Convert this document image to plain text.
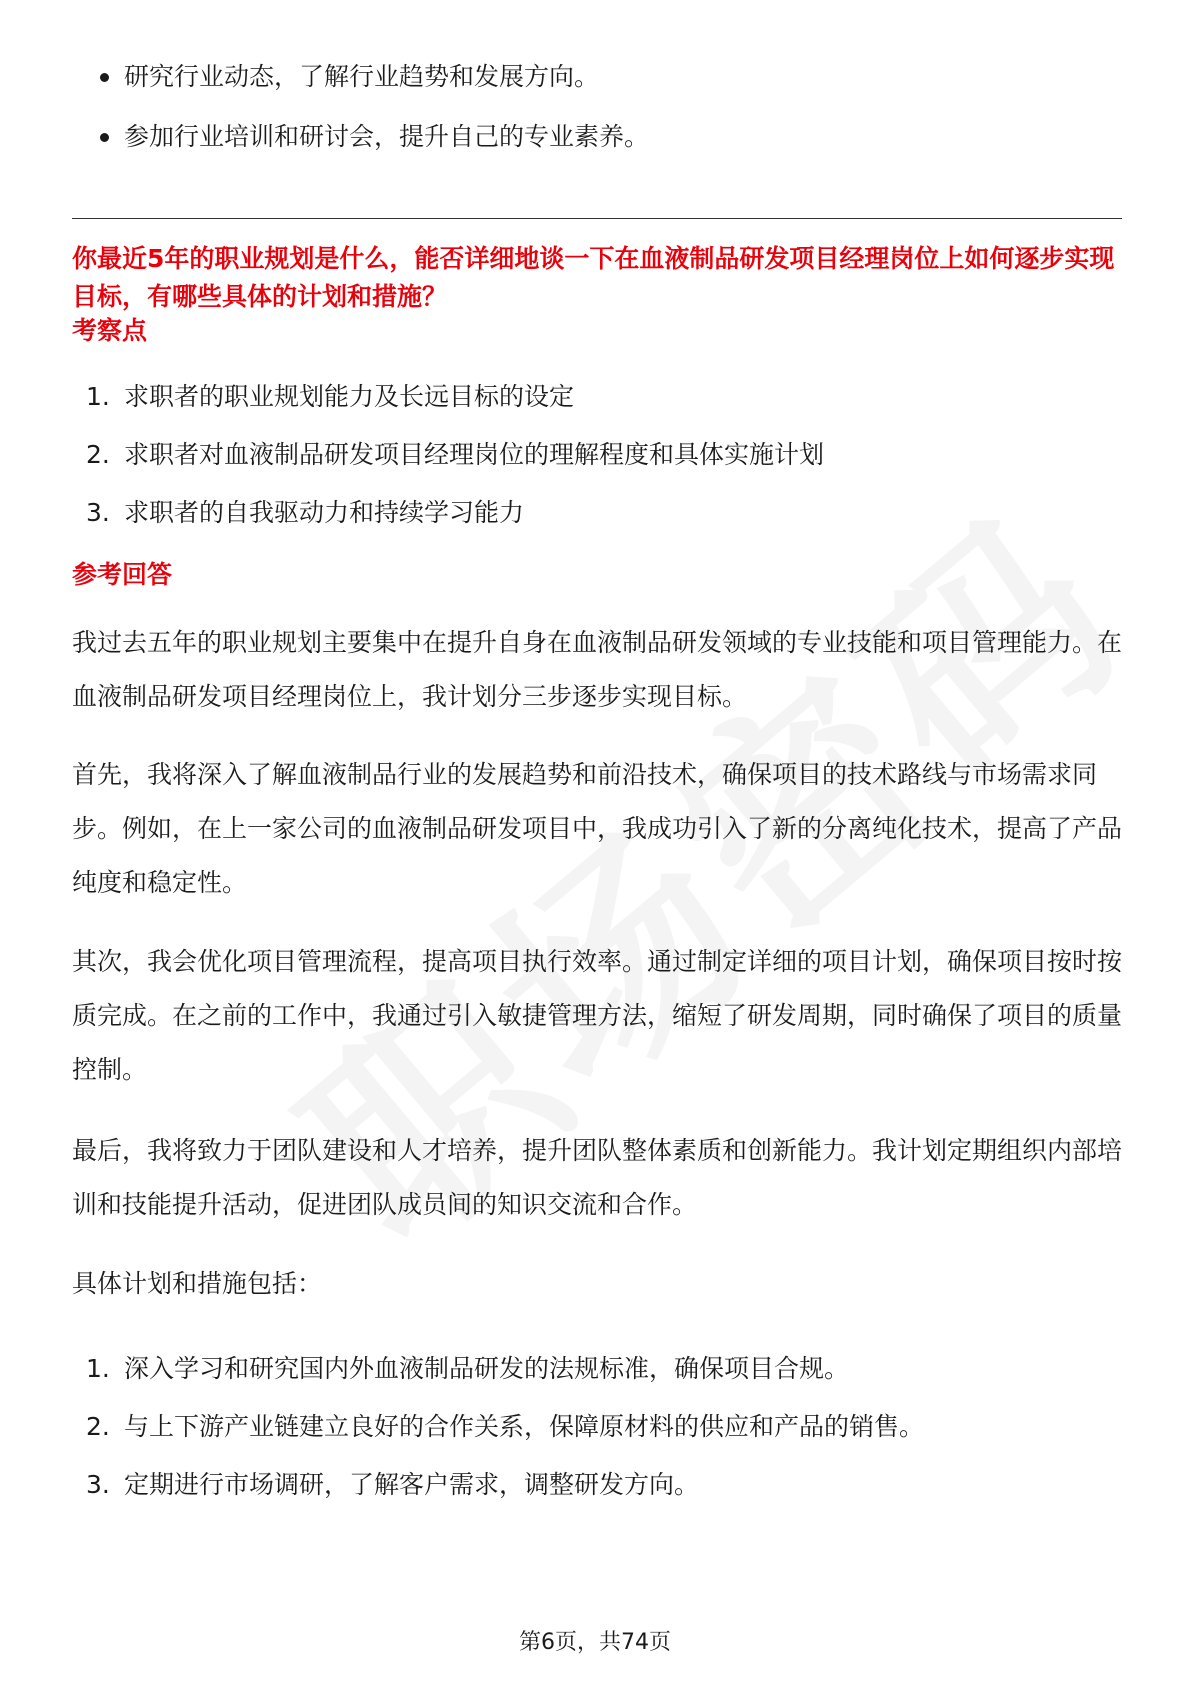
研究行业动态，了解行业趋势和发展方向。
参加行业培训和研讨会，提升自己的专业素养。

你最近5年的职业规划是什么，能否详细地谈一下在血液制品研发项目经理岗位上如何逐步实现目标，有哪些具体的计划和措施？

考察点

1. 求职者的职业规划能力及长远目标的设定
2. 求职者对血液制品研发项目经理岗位的理解程度和具体实施计划
3. 求职者的自我驱动力和持续学习能力

参考回答

我过去五年的职业规划主要集中在提升自身在血液制品研发领域的专业技能和项目管理能力。在血液制品研发项目经理岗位上，我计划分三步逐步实现目标。

首先，我将深入了解血液制品行业的发展趋势和前沿技术，确保项目的技术路线与市场需求同步。例如，在上一家公司的血液制品研发项目中，我成功引入了新的分离纯化技术，提高了产品纯度和稳定性。

其次，我会优化项目管理流程，提高项目执行效率。通过制定详细的项目计划，确保项目按时按质完成。在之前的工作中，我通过引入敏捷管理方法，缩短了研发周期，同时确保了项目的质量控制。

最后，我将致力于团队建设和人才培养，提升团队整体素质和创新能力。我计划定期组织内部培训和技能提升活动，促进团队成员间的知识交流和合作。

具体计划和措施包括：

1. 深入学习和研究国内外血液制品研发的法规标准，确保项目合规。
2. 与上下游产业链建立良好的合作关系，保障原材料的供应和产品的销售。
3. 定期进行市场调研，了解客户需求，调整研发方向。
第6页，共74页
